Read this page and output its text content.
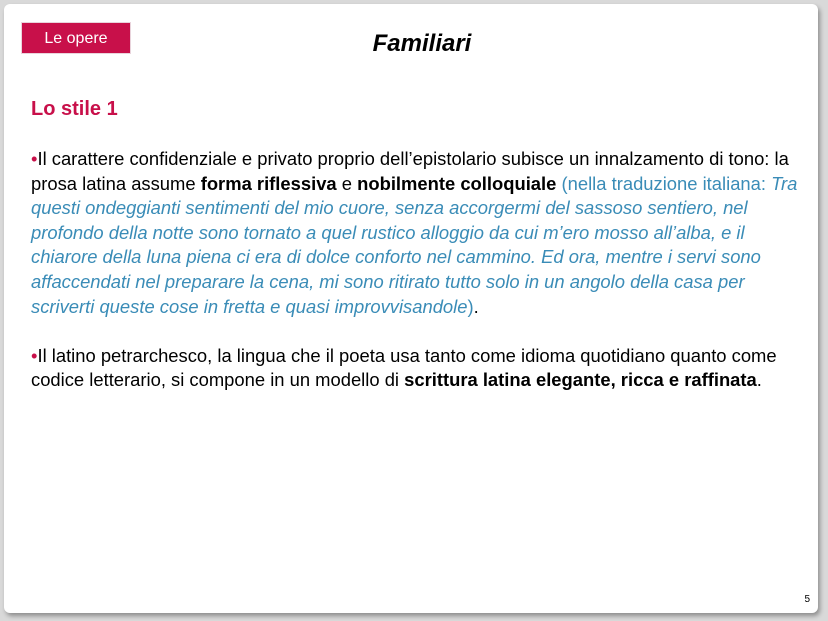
Le opere	Familiari
Lo stile 1

•Il carattere confidenziale e privato proprio dell’epistolario subisce un innalzamento di tono: la prosa latina assume forma riflessiva e nobilmente colloquiale (nella traduzione italiana: Tra questi ondeggianti sentimenti del mio cuore, senza accorgermi del sassoso sentiero, nel profondo della notte sono tornato a quel rustico alloggio da cui m’ero mosso all’alba, e il chiarore della luna piena ci era di dolce conforto nel cammino. Ed ora, mentre i servi sono affaccendati nel preparare la cena, mi sono ritirato tutto solo in un angolo della casa per scriverti queste cose in fretta e quasi improvvisandole).

•Il latino petrarchesco, la lingua che il poeta usa tanto come idioma quotidiano quanto come codice letterario, si compone in un modello di scrittura latina elegante, ricca e raffinata.

5
